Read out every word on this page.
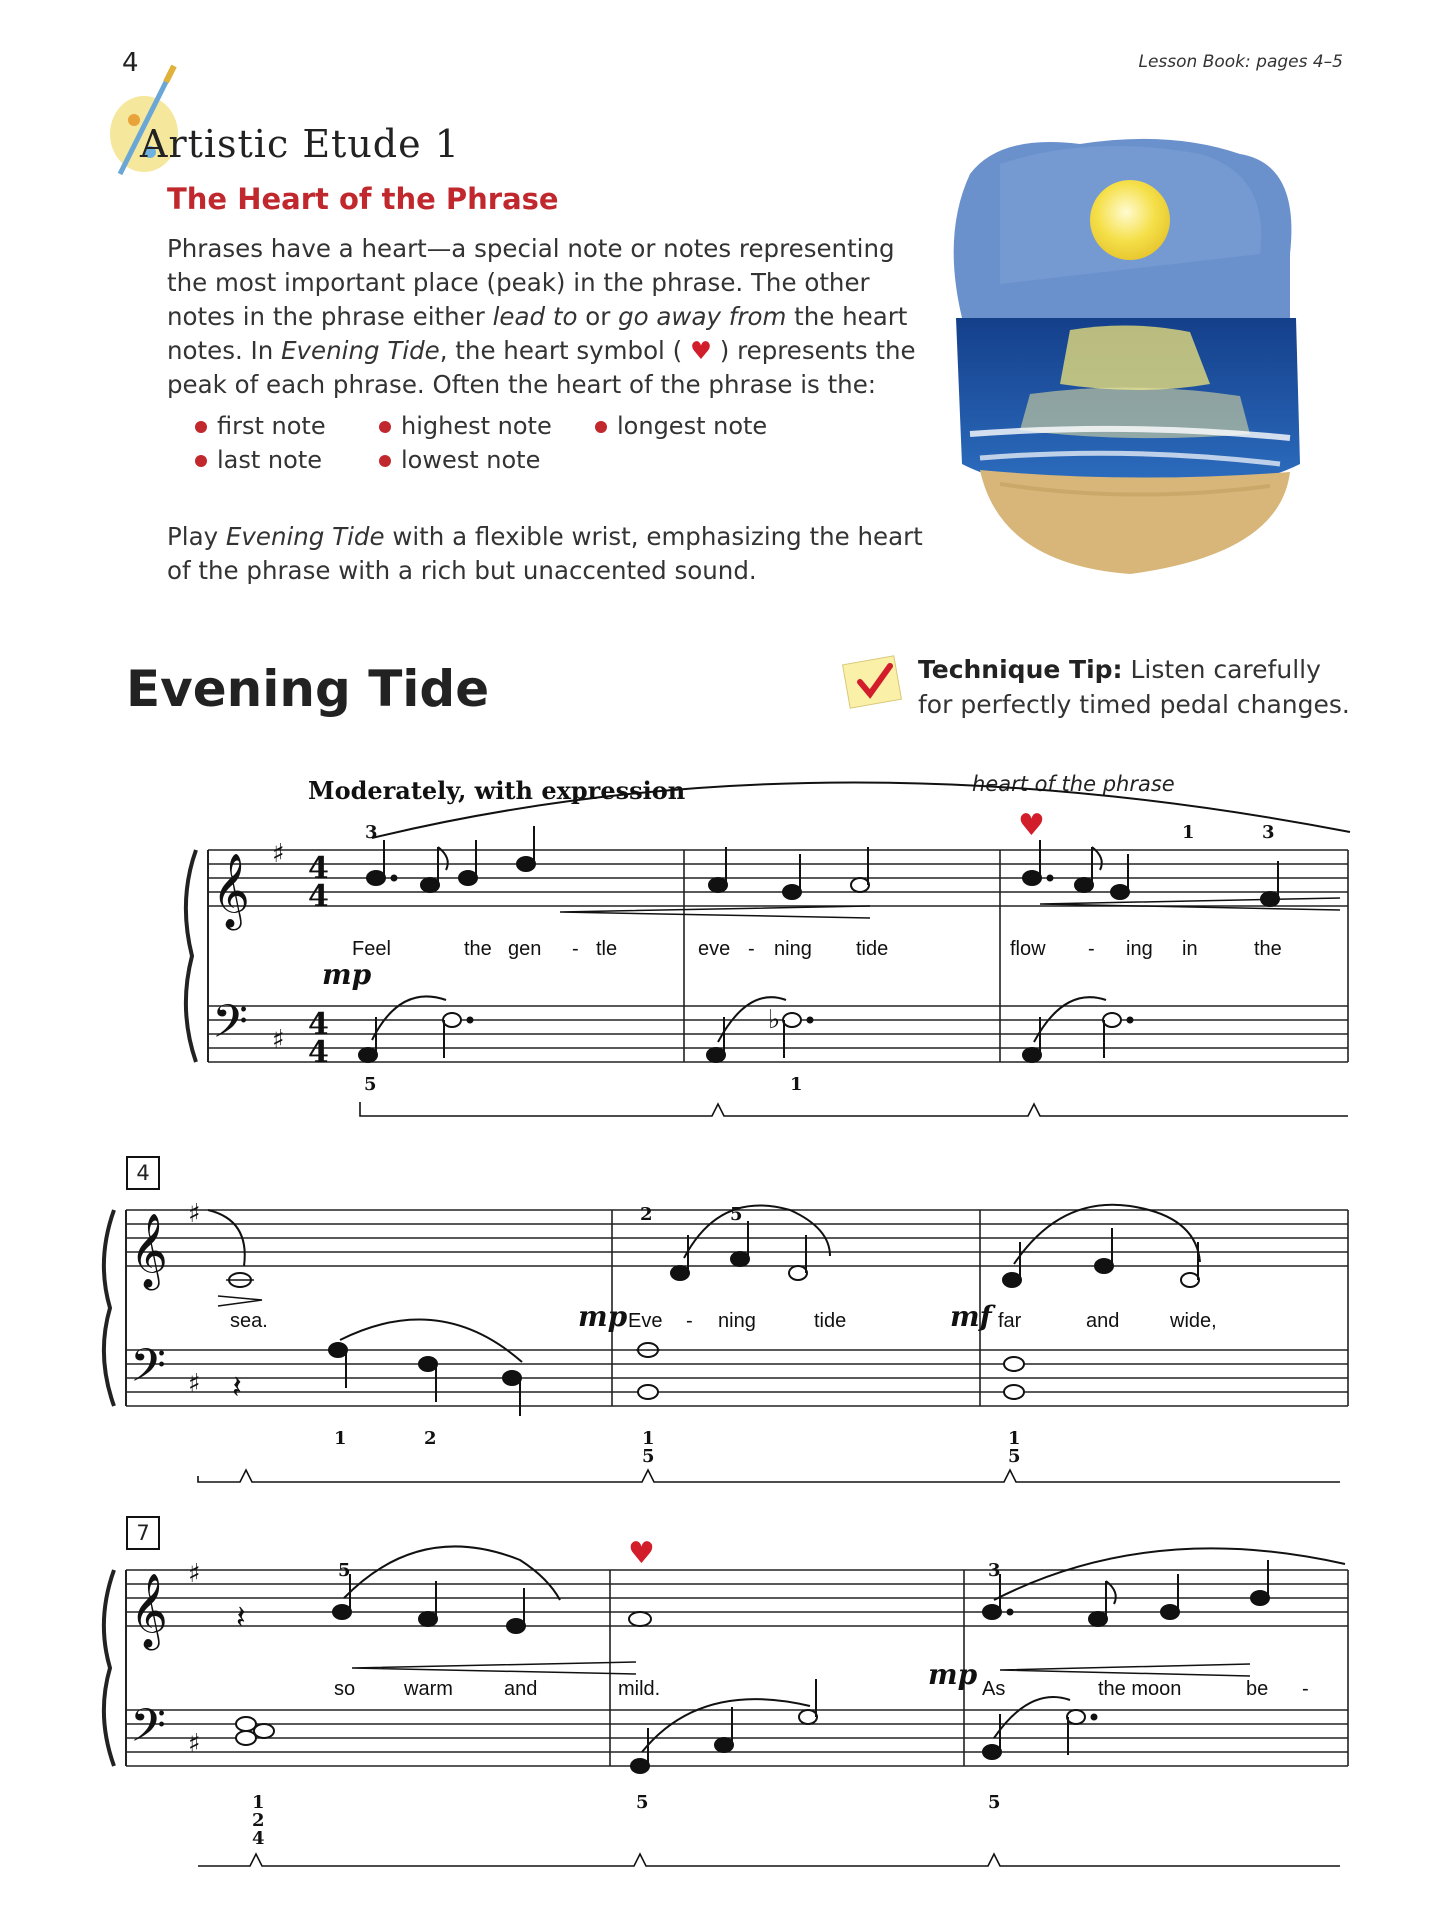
4	Lesson Book: pages 4–5
Artistic Etude 1
The Heart of the Phrase

Phrases have a heart—a special note or notes representing the most important place (peak) in the phrase. The other notes in the phrase either lead to or go away from the heart notes. In Evening Tide, the heart symbol ( ♥ ) represents the peak of each phrase. Often the heart of the phrase is the:

first note	highest note	longest note
last note	lowest note
Play Evening Tide with a flexible wrist, emphasizing the heart of the phrase with a rich but unaccented sound.
Evening Tide	Technique Tip: Listen carefully for perfectly timed pedal changes.
Moderately, with expression	heart of the phrase
𝄞
𝄢
𝄞
𝄢
𝄞
𝄢
♯
♯
♯
♯
♯
♯
4
4
4
4
♭
𝄽
𝄽
♥
♥
4
7
mp
mp	mf
mp
Feel	the gen - tle	eve - ning tide	flow - ing in	the
sea.	Eve - ning	tide	far	and	wide,
so warm	and	mild.	As	the moon	be -
3	1	3
5	1
2	5
1	2	1
5
1
5
5	3
1
2
4
5	5
